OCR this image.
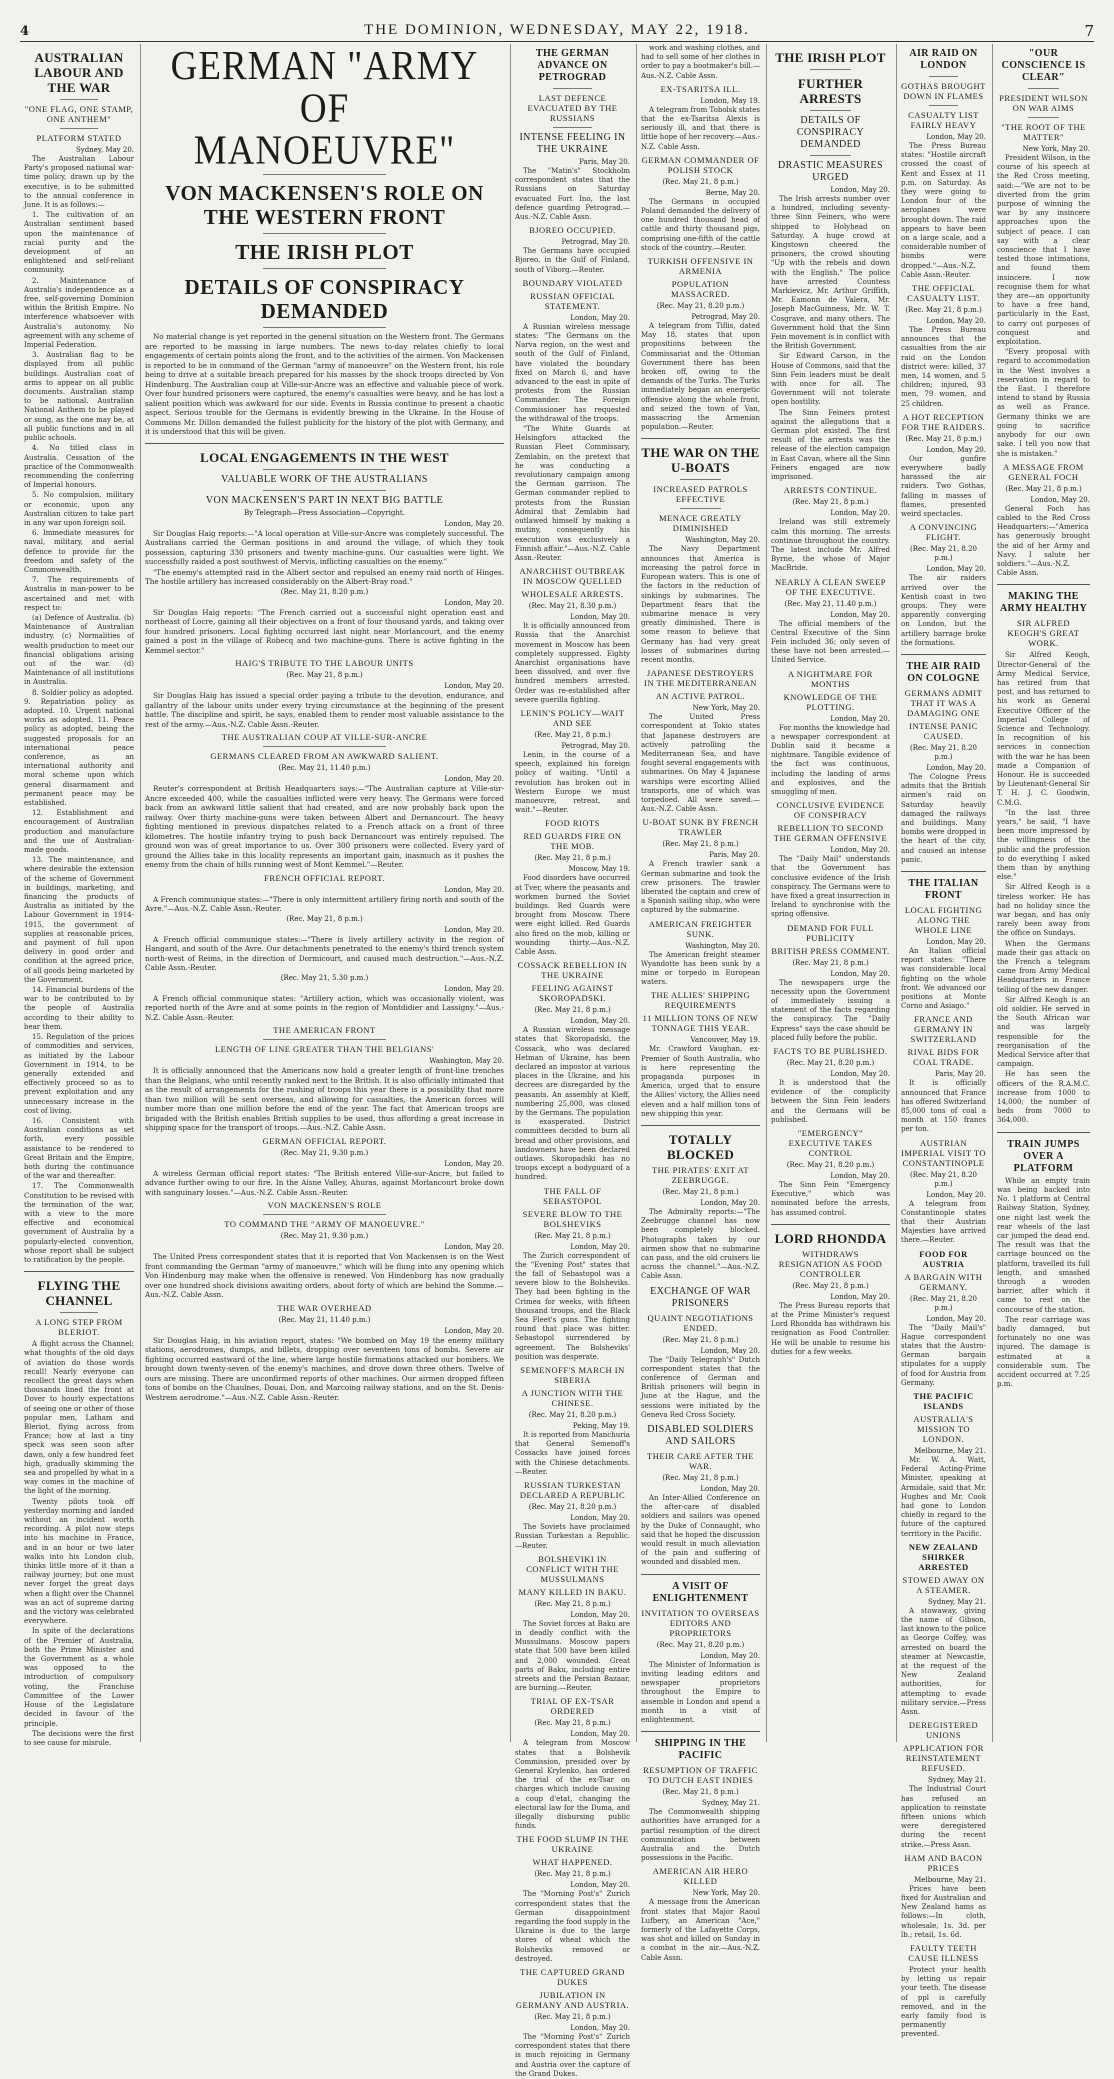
4	THE DOMINION, WEDNESDAY, MAY 22, 1918.	7
AUSTRALIAN LABOUR AND THE WAR
"ONE FLAG, ONE STAMP, ONE ANTHEM"
PLATFORM STATED
Sydney, May 20.

The Australian Labour Party's proposed national war-time policy, drawn up by the executive, is to be submitted to the annual conference in June. It is as follows:—

1. The cultivation of an Australian sentiment based upon the maintenance of racial purity and the development of an enlightened and self-reliant community.

2. Maintenance of Australia's independence as a free, self-governing Dominion within the British Empire. No interference whatsoever with Australia's autonomy. No agreement with any scheme of Imperial Federation.

3. Australian flag to be displayed from all public buildings. Australian coat of arms to appear on all public documents. Australian stamp to be national. Australian National Anthem to be played or sung, as the one may be, at all public functions and in all public schools.

4. No titled class in Australia. Cessation of the practice of the Commonwealth recommending the conferring of Imperial honours.

5. No compulsion, military or economic, upon any Australian citizen to take part in any war upon foreign soil.

6. Immediate measures for naval, military, and aerial defence to provide for the freedom and safety of the Commonwealth.

7. The requirements of Australia in man-power to be ascertained and met with respect to:

(a) Defence of Australia. (b) Maintenance of Australian industry. (c) Normalities of wealth production to meet our financial obligations arising out of the war. (d) Maintenance of all institutions in Australia.

8. Soldier policy as adopted. 9. Repatriation policy as adopted. 10. Urgent national works as adopted. 11. Peace policy as adopted, being the suggested proposals for an international peace conference, as an international authority and moral scheme upon which general disarmament and permanent peace may be established.

12. Establishment and encouragement of Australian production and manufacture and the use of Australian-made goods.

13. The maintenance, and where desirable the extension of the scheme of Government in buildings, marketing, and financing the products of Australia as initiated by the Labour Government in 1914-1915, the government of supplies at reasonable prices, and payment of full upon delivery in good order and condition at the agreed price, of all goods being marketed by the Government.

14. Financial burdens of the war to be contributed to by the people of Australia according to their ability to bear them.

15. Regulation of the prices of commodities and services, as initiated by the Labour Government in 1914, to be generally extended and effectively proceed so as to prevent exploitation and any unnecessary increase in the cost of living.

16. Consistent with Australian conditions as set forth, every possible assistance to be rendered to Great Britain and the Empire, both during the continuance of the war and thereafter.

17. The Commonwealth Constitution to be revised with the termination of the war, with a view to the more effective and economical government of Australia by a popularly-elected convention, whose report shall be subject to ratification by the people.

FLYING THE CHANNEL
A LONG STEP FROM BLERIOT.

A flight across the Channel: what thoughts of the old days of aviation do those words recall! Nearly everyone can recollect the great days when thousands lined the front at Dover to hourly expectations of seeing one or other of those popular men, Latham and Bleriot, flying across from France; how at last a tiny speck was seen soon after dawn, only a few hundred feet high, gradually skimming the sea and propelled by what in a way comes in the machine of the light of the morning.

Twenty pilots took off yesterday morning and landed without an incident worth recording. A pilot now steps into his machine in France, and in an hour or two later walks into his London club, thinks little more of it than a railway journey; but one must never forget the great days when a flight over the Channel was an act of supreme daring and the victory was celebrated everywhere.

In spite of the declarations of the Premier of Australia, both the Prime Minister and the Government as a whole was opposed to the introduction of compulsory voting, the Franchise Committee of the Lower House of the Legislature decided in favour of the principle.

The decisions were the first to see cause for misrule.

GERMAN "ARMY OF
MANOEUVRE"
VON MACKENSEN'S ROLE ON THE WESTERN FRONT
THE IRISH PLOT
DETAILS OF CONSPIRACY DEMANDED

No material change is yet reported in the general situation on the Western front. The Germans are reported to be massing in large numbers. The news to-day relates chiefly to local engagements of certain points along the front, and to the activities of the airmen. Von Mackensen is reported to be in command of the German "army of manoeuvre" on the Western front, his role being to drive at a suitable breach prepared for his masses by the shock troops directed by Von Hindenburg. The Australian coup at Ville-sur-Ancre was an effective and valuable piece of work. Over four hundred prisoners were captured, the enemy's casualties were heavy, and he has lost a salient position which was awkward for our side. Events in Russia continue to present a chaotic aspect. Serious trouble for the Germans is evidently brewing in the Ukraine. In the House of Commons Mr. Dillon demanded the fullest publicity for the history of the plot with Germany, and it is understood that this will be given.

LOCAL ENGAGEMENTS IN THE WEST
VALUABLE WORK OF THE AUSTRALIANS
VON MACKENSEN'S PART IN NEXT BIG BATTLE
By Telegraph—Press Association—Copyright.
London, May 20.

Sir Douglas Haig reports:—"A local operation at Ville-sur-Ancre was completely successful. The Australians carried the German positions in and around the village, of which they took possession, capturing 330 prisoners and twenty machine-guns. Our casualties were light. We successfully raided a post southwest of Mervis, inflicting casualties on the enemy."

"The enemy's attempted raid in the Albert sector and repulsed an enemy raid north of Hinges. The hostile artillery has increased considerably on the Albert-Bray road."

(Rec. May 21, 8.20 p.m.)
London, May 20.

Sir Douglas Haig reports: "The French carried out a successful night operation east and northeast of Locre, gaining all their objectives on a front of four thousand yards, and taking over four hundred prisoners. Local fighting occurred last night near Morlancourt, and the enemy gained a post in the village of Robecq and two machine-guns. There is active fighting in the Kemmel sector."

HAIG'S TRIBUTE TO THE LABOUR UNITS
(Rec. May 21, 8 p.m.)
London, May 20.

Sir Douglas Haig has issued a special order paying a tribute to the devotion, endurance, and gallantry of the labour units under every trying circumstance at the beginning of the present battle. The discipline and spirit, he says, enabled them to render most valuable assistance to the rest of the army.—Aus.-N.Z. Cable Assn.-Reuter.

THE AUSTRALIAN COUP AT VILLE-SUR-ANCRE
GERMANS CLEARED FROM AN AWKWARD SALIENT.
(Rec. May 21, 11.40 p.m.)
London, May 20.

Reuter's correspondent at British Headquarters says:—"The Australian capture at Ville-sur-Ancre exceeded 400, while the casualties inflicted were very heavy. The Germans were forced back from an awkward little salient that had created, and are now probably back upon the railway. Over thirty machine-guns were taken between Albert and Dernancourt. The heavy fighting mentioned in previous dispatches related to a French attack on a front of three kilometres. The hostile infantry trying to push back Dernancourt was entirely repulsed. The ground won was of great importance to us. Over 300 prisoners were collected. Every yard of ground the Allies take in this locality represents an important gain, inasmuch as it pushes the enemy from the chain of hills running west of Mont Kemmel."—Reuter.

FRENCH OFFICIAL REPORT.
London, May 20.

A French communique states:—"There is only intermittent artillery firing north and south of the Avre."—Aus.-N.Z. Cable Assn.-Reuter.

(Rec. May 21, 8 p.m.)
London, May 20.

A French official communique states:—"There is lively artillery activity in the region of Hangard, and south of the Avre. Our detachments penetrated to the enemy's third trench system north-west of Reims, in the direction of Dormicourt, and caused much destruction."—Aus.-N.Z. Cable Assn.-Reuter.

(Rec. May 21, 5.30 p.m.)
London, May 20.

A French official communique states: "Artillery action, which was occasionally violent, was reported north of the Avre and at some points in the region of Montdidier and Lassigny."—Aus.-N.Z. Cable Assn.-Reuter.

THE AMERICAN FRONT
LENGTH OF LINE GREATER THAN THE BELGIANS'
Washington, May 20.

It is officially announced that the Americans now hold a greater length of front-line trenches than the Belgians, who until recently ranked next to the British. It is also officially intimated that as the result of arrangements for the rushing of troops this year there is a possibility that more than two million will be sent overseas, and allowing for casualties, the American forces will number more than one million before the end of the year. The fact that American troops are brigaded with the British enables British supplies to be used, thus affording a great increase in shipping space for the transport of troops.—Aus.-N.Z. Cable Assn.

GERMAN OFFICIAL REPORT.
(Rec. May 21, 9.30 p.m.)
London, May 20.

A wireless German official report states: "The British entered Ville-sur-Ancre, but failed to advance further owing to our fire. In the Aisne Valley, Ahuras, against Morlancourt broke down with sanguinary losses."—Aus.-N.Z. Cable Assn.-Reuter.

VON MACKENSEN'S ROLE
TO COMMAND THE "ARMY OF MANOEUVRE."
(Rec. May 21, 9.30 p.m.)
London, May 20.

The United Press correspondent states that it is reported that Von Mackensen is on the West front commanding the German "army of manoeuvre," which will be flung into any opening which Von Hindenburg may make when the offensive is renewed. Von Hindenburg has now gradually over one hundred shock divisions awaiting orders, about forty of which are behind the Somme.—Aus.-N.Z. Cable Assn.

THE WAR OVERHEAD
(Rec. May 21, 11.40 p.m.)
London, May 20.

Sir Douglas Haig, in his aviation report, states: "We bombed on May 19 the enemy military stations, aerodromes, dumps, and billets, dropping over seventeen tons of bombs. Severe air fighting occurred eastward of the line, where large hostile formations attacked our bombers. We brought down twenty-seven of the enemy's machines, and drove down three others. Twelve of ours are missing. There are unconfirmed reports of other machines. Our airmen dropped fifteen tons of bombs on the Chaulnes, Douai, Don, and Marcoing railway stations, and on the St. Denis-Westrem aerodrome."—Aus.-N.Z. Cable Assn.-Reuter.

THE GERMAN ADVANCE ON PETROGRAD
LAST DEFENCE EVACUATED BY THE RUSSIANS
INTENSE FEELING IN THE UKRAINE
Paris, May 20.

The "Matin's" Stockholm correspondent states that the Russians on Saturday evacuated Fort Ino, the last defence guarding Petrograd.—Aus.-N.Z. Cable Assn.

BJOREO OCCUPIED.
Petrograd, May 20.

The Germans have occupied Bjoreo, in the Gulf of Finland, south of Viborg.—Reuter.

BOUNDARY VIOLATED
RUSSIAN OFFICIAL STATEMENT.
London, May 20.

A Russian wireless message states: "The Germans on the Narva region, on the west and south of the Gulf of Finland, have violated the boundary fixed on March 6, and have advanced to the east in spite of protests from the Russian Commander. The Foreign Commissioner has requested the withdrawal of the troops.

"The White Guards at Helsingfors attacked the Russian Fleet Commissary, Zemlabin, on the pretext that he was conducting a revolutionary campaign among the German garrison. The German commander replied to protests from the Russian Admiral that Zemlabin had outlawed himself by making a mutiny, consequently his execution was exclusively a Finnish affair."—Aus.-N.Z. Cable Assn.-Reuter.

ANARCHIST OUTBREAK IN MOSCOW QUELLED
WHOLESALE ARRESTS.
(Rec. May 21, 8.30 p.m.)
London, May 20.

It is officially announced from Russia that the Anarchist movement in Moscow has been completely suppressed. Eighty Anarchist organisations have been dissolved, and over five hundred members arrested. Order was re-established after severe guerilla fighting.

LENIN'S POLICY—WAIT AND SEE
(Rec. May 21, 8 p.m.)
Petrograd, May 20.

Lenin, in the course of a speech, explained his foreign policy of waiting. "Until a revolution has broken out in Western Europe we must manoeuvre, retreat, and wait."—Reuter.

FOOD RIOTS
RED GUARDS FIRE ON THE MOB.
(Rec. May 21, 8 p.m.)
Moscow, May 19.

Food disorders have occurred at Tver, where the peasants and workmen burned the Soviet buildings. Red Guards were brought from Moscow. There were eight killed. Red Guards also fired on the mob, killing or wounding thirty.—Aus.-N.Z. Cable Assn.

COSSACK REBELLION IN THE UKRAINE
FEELING AGAINST SKOROPADSKI.
(Rec. May 21, 8 p.m.)
London, May 20.

A Russian wireless message states that Skoropadski, the Cossack, who was declared Hetman of Ukraine, has been declared an impostor at various places in the Ukraine, and his decrees are disregarded by the peasants. An assembly at Kieff, numbering 25,000, was closed by the Germans. The population is exasperated. District committees decided to burn all bread and other provisions, and landowners have been declared outlaws. Skoropadski has no troops except a bodyguard of a hundred.

THE FALL OF SEBASTOPOL
SEVERE BLOW TO THE BOLSHEVIKS
(Rec. May 21, 8 p.m.)
London, May 20.

The Zurich correspondent of the "Evening Post" states that the fall of Sebastopol was a severe blow to the Bolsheviks. They had been fighting in the Crimea for weeks, with fifteen thousand troops, and the Black Sea Fleet's guns. The fighting round that place was bitter. Sebastopol surrendered by agreement. The Bolsheviks' position was desperate.

SEMENOFF'S MARCH IN SIBERIA
A JUNCTION WITH THE CHINESE.
(Rec. May 21, 8.20 p.m.)
Peking, May 19.

It is reported from Manchuria that General Semenoff's Cossacks have joined forces with the Chinese detachments.—Reuter.

RUSSIAN TURKESTAN DECLARED A REPUBLIC
(Rec. May 21, 8.20 p.m.)
London, May 20.

The Soviets have proclaimed Russian Turkestan a Republic.—Reuter.

BOLSHEVIKI IN CONFLICT WITH THE MUSSULMANS
MANY KILLED IN BAKU.
(Rec. May 21, 8 p.m.)
London, May 20.

The Soviet forces at Baku are in deadly conflict with the Mussulmans. Moscow papers state that 500 have been killed and 2,000 wounded. Great parts of Baku, including entire streets and the Persian Bazaar, are burning.—Reuter.

TRIAL OF EX-TSAR ORDERED
(Rec. May 21, 8 p.m.)
London, May 20.

A telegram from Moscow states that a Bolshevik Commission, presided over by General Krylenko, has ordered the trial of the ex-Tsar on charges which include causing a coup d'etat, changing the electoral law for the Duma, and illegally disbursing public funds.

THE FOOD SLUMP IN THE UKRAINE
WHAT HAPPENED.
(Rec. May 21, 8 p.m.)
London, May 20.

The "Morning Post's" Zurich correspondent states that the German disappointment regarding the food supply in the Ukraine is due to the large stores of wheat which the Bolsheviks removed or destroyed.

THE CAPTURED GRAND DUKES
JUBILATION IN GERMANY AND AUSTRIA.
(Rec. May 21, 8 p.m.)
London, May 20.

The "Morning Post's" Zurich correspondent states that there is much rejoicing in Germany and Austria over the capture of the Grand Dukes.

work and washing clothes, and had to sell some of her clothes in order to pay a bootmaker's bill.—Aus.-N.Z. Cable Assn.

EX-TSARITSA ILL.
London, May 19.

A telegram from Tobolsk states that the ex-Tsaritsa Alexis is seriously ill, and that there is little hope of her recovery.—Aus.-N.Z. Cable Assn.

GERMAN COMMANDER OF POLISH STOCK
(Rec. May 21, 8 p.m.)
Berne, May 20.

The Germans in occupied Poland demanded the delivery of one hundred thousand head of cattle and thirty thousand pigs, comprising one-fifth of the cattle stock of the country.—Reuter.

TURKISH OFFENSIVE IN ARMENIA
POPULATION MASSACRED.
(Rec. May 21, 8.20 p.m.)
Petrograd, May 20.

A telegram from Tiflis, dated May 18, states that upon propositions between the Commissariat and the Ottoman Government there has been broken off, owing to the demands of the Turks. The Turks immediately began an energetic offensive along the whole front, and seized the town of Van, massacring the Armenian population.—Reuter.

THE WAR ON THE U-BOATS
INCREASED PATROLS EFFECTIVE
MENACE GREATLY DIMINISHED
Washington, May 20.

The Navy Department announces that America is increasing the patrol force in European waters. This is one of the factors in the reduction of sinkings by submarines. The Department fears that the submarine menace is very greatly diminished. There is some reason to believe that Germany has had very great losses of submarines during recent months.

JAPANESE DESTROYERS IN THE MEDITERRANEAN
AN ACTIVE PATROL.
New York, May 20.

The United Press correspondent at Tokio states that Japanese destroyers are actively patrolling the Mediterranean Sea, and have fought several engagements with submarines. On May 4 Japanese warships were escorting Allied transports, one of which was torpedoed. All were saved.—Aus.-N.Z. Cable Assn.

U-BOAT SUNK BY FRENCH TRAWLER
(Rec. May 21, 8 p.m.)
Paris, May 20.

A French trawler sank a German submarine and took the crew prisoners. The trawler liberated the captain and crew of a Spanish sailing ship, who were captured by the submarine.

AMERICAN FREIGHTER SUNK.
Washington, May 20.

The American freight steamer Wyandotte has been sunk by a mine or torpedo in European waters.

THE ALLIES' SHIPPING REQUIREMENTS
11 MILLION TONS OF NEW TONNAGE THIS YEAR.
Vancouver, May 19.

Mr. Crawford Vaughan, ex-Premier of South Australia, who is here representing the propaganda purposes in America, urged that to ensure the Allies' victory, the Allies need eleven and a half million tons of new shipping this year.

TOTALLY BLOCKED
THE PIRATES' EXIT AT ZEEBRUGGE.
(Rec. May 21, 8 p.m.)
London, May 20.

The Admiralty reports:—"The Zeebrugge channel has now been completely blocked. Photographs taken by our airmen show that no submarine can pass, and the old cruisers lie across the channel."—Aus.-N.Z. Cable Assn.

EXCHANGE OF WAR PRISONERS
QUAINT NEGOTIATIONS ENDED.
(Rec. May 21, 8 p.m.)
London, May 20.

The "Daily Telegraph's" Dutch correspondent states that the conference of German and British prisoners will begin in June at the Hague, and the sessions were initiated by the Geneva Red Cross Society.

DISABLED SOLDIERS AND SAILORS
THEIR CARE AFTER THE WAR.
(Rec. May 21, 8 p.m.)
London, May 20.

An Inter-Allied Conference on the after-care of disabled soldiers and sailors was opened by the Duke of Connaught, who said that he hoped the discussion would result in much alleviation of the pain and suffering of wounded and disabled men.

A VISIT OF ENLIGHTENMENT
INVITATION TO OVERSEAS EDITORS AND PROPRIETORS
(Rec. May 21, 8.20 p.m.)
London, May 20.

The Minister of Information is inviting leading editors and newspaper proprietors throughout the Empire to assemble in London and spend a month in a visit of enlightenment.

SHIPPING IN THE PACIFIC
RESUMPTION OF TRAFFIC TO DUTCH EAST INDIES
(Rec. May 21, 8 p.m.)
Sydney, May 21.

The Commonwealth shipping authorities have arranged for a partial resumption of the direct communication between Australia and the Dutch possessions in the Pacific.

AMERICAN AIR HERO KILLED
New York, May 20.

A message from the American front states that Major Raoul Lufbery, an American "Ace," formerly of the Lafayette Corps, was shot and killed on Sunday in a combat in the air.—Aus.-N.Z. Cable Assn.

THE IRISH PLOT
FURTHER ARRESTS
DETAILS OF CONSPIRACY DEMANDED
DRASTIC MEASURES URGED
London, May 20.

The Irish arrests number over a hundred, including seventy-three Sinn Feiners, who were shipped to Holyhead on Saturday. A huge crowd at Kingstown cheered the prisoners, the crowd shouting "Up with the rebels and down with the English." The police have arrested Countess Markievicz, Mr. Arthur Griffith, Mr. Eamonn de Valera, Mr. Joseph MacGuinness, Mr. W. T. Cosgrave, and many others. The Government hold that the Sinn Fein movement is in conflict with the British Government.

Sir Edward Carson, in the House of Commons, said that the Sinn Fein leaders must be dealt with once for all. The Government will not tolerate open hostility.

The Sinn Feiners protest against the allegations that a German plot existed. The first result of the arrests was the release of the election campaign in East Cavan, where all the Sinn Feiners engaged are now imprisoned.

ARRESTS CONTINUE.
(Rec. May 21, 8 p.m.)
London, May 20.

Ireland was still extremely calm this morning. The arrests continue throughout the country. The latest include Mr. Alfred Byrne, the whose of Major MacBride.

NEARLY A CLEAN SWEEP OF THE EXECUTIVE.
(Rec. May 21, 11.40 p.m.)
London, May 20.

The official members of the Central Executive of the Sinn Fein included 36; only seven of these have not been arrested.—United Service.

A NIGHTMARE FOR MONTHS
KNOWLEDGE OF THE PLOTTING.
London, May 20.

For months the knowledge had a newspaper correspondent at Dublin said it became a nightmare. Tangible evidence of the fact was continuous, including the landing of arms and explosives, and the smuggling of men.

CONCLUSIVE EVIDENCE OF CONSPIRACY
REBELLION TO SECOND THE GERMAN OFFENSIVE
London, May 20.

The "Daily Mail" understands that the Government has conclusive evidence of the Irish conspiracy. The Germans were to have fixed a great insurrection in Ireland to synchronise with the spring offensive.

DEMAND FOR FULL PUBLICITY
BRITISH PRESS COMMENT.
(Rec. May 21, 8 p.m.)
London, May 20.

The newspapers urge the necessity upon the Government of immediately issuing a statement of the facts regarding the conspiracy. The "Daily Express" says the case should be placed fully before the public.

FACTS TO BE PUBLISHED.
(Rec. May 21, 8.20 p.m.)
London, May 20.

It is understood that the evidence of the complicity between the Sinn Fein leaders and the Germans will be published.

"EMERGENCY" EXECUTIVE TAKES CONTROL
(Rec. May 21, 8.20 p.m.)
London, May 20.

The Sinn Fein "Emergency Executive," which was nominated before the arrests, has assumed control.

LORD RHONDDA
WITHDRAWS RESIGNATION AS FOOD CONTROLLER
(Rec. May 21, 8 p.m.)
London, May 20.

The Press Bureau reports that at the Prime Minister's request Lord Rhondda has withdrawn his resignation as Food Controller. He will be unable to resume his duties for a few weeks.

AIR RAID ON LONDON
GOTHAS BROUGHT DOWN IN FLAMES
CASUALTY LIST FAIRLY HEAVY
London, May 20.

The Press Bureau states: "Hostile aircraft crossed the coast of Kent and Essex at 11 p.m. on Saturday. As they were going to London four of the aeroplanes were brought down. The raid appears to have been on a large scale, and a considerable number of bombs were dropped."—Aus.-N.Z. Cable Assn.-Reuter.

THE OFFICIAL CASUALTY LIST.
(Rec. May 21, 8 p.m.)
London, May 20.

The Press Bureau announces that the casualties from the air raid on the London district were: killed, 37 men, 14 women, and 5 children; injured, 93 men, 79 women, and 25 children.

A HOT RECEPTION FOR THE RAIDERS.
(Rec. May 21, 8 p.m.)
London, May 20.

Our gunfire everywhere badly harassed the air raiders. Two Gothas, falling in masses of flames, presented weird spectacles.

A CONVINCING FLIGHT.
(Rec. May 21, 8.20 p.m.)
London, May 20.

The air raiders arrived over the Kentish coast in two groups. They were apparently converging on London, but the artillery barrage broke the formations.

THE AIR RAID ON COLOGNE
GERMANS ADMIT THAT IT WAS A DAMAGING ONE
INTENSE PANIC CAUSED.
(Rec. May 21, 8.20 p.m.)
London, May 20.

The Cologne Press admits that the British airmen's raid on Saturday heavily damaged the railways and buildings. Many bombs were dropped in the heart of the city, and caused an intense panic.

THE ITALIAN FRONT
LOCAL FIGHTING ALONG THE WHOLE LINE
London, May 20.

An Italian official report states: "There was considerable local fighting on the whole front. We advanced our positions at Monte Corno and Asiago."

FRANCE AND GERMANY IN SWITZERLAND
RIVAL BIDS FOR COAL TRADE.
Paris, May 20.

It is officially announced that France has offered Switzerland 85,000 tons of coal a month at 150 francs per ton.

AUSTRIAN IMPERIAL VISIT TO CONSTANTINOPLE
(Rec. May 21, 8.20 p.m.)
London, May 20.

A telegram from Constantinople states that their Austrian Majesties have arrived there.—Reuter.

FOOD FOR AUSTRIA
A BARGAIN WITH GERMANY.
(Rec. May 21, 8.20 p.m.)
London, May 20.

The "Daily Mail's" Hague correspondent states that the Austro-German bargain stipulates for a supply of food for Austria from Germany.

THE PACIFIC ISLANDS
AUSTRALIA'S MISSION TO LONDON.
Melbourne, May 21.

Mr. W. A. Watt, Federal Acting-Prime Minister, speaking at Armidale, said that Mr. Hughes and Mr. Cook had gone to London chiefly in regard to the future of the captured territory in the Pacific.

NEW ZEALAND SHIRKER ARRESTED
STOWED AWAY ON A STEAMER.
Sydney, May 21.

A stowaway, giving the name of Gibson, last known to the police as George Coffey, was arrested on board the steamer at Newcastle, at the request of the New Zealand authorities, for attempting to evade military service.—Press Assn.

DEREGISTERED UNIONS
APPLICATION FOR REINSTATEMENT REFUSED.
Sydney, May 21.

The Industrial Court has refused an application to reinstate fifteen unions which were deregistered during the recent strike.—Press Assn.

HAM AND BACON PRICES
Melbourne, May 21.

Prices have been fixed for Australian and New Zealand hams as follows:—In cloth, wholesale, 1s. 3d. per lb.; retail, 1s. 6d.

FAULTY TEETH CAUSE ILLNESS

Protect your health by letting us repair your teeth. The disease of ppl is carefully removed, and in the early family food is permanently prevented.

"OUR CONSCIENCE IS CLEAR"
PRESIDENT WILSON ON WAR AIMS
"THE ROOT OF THE MATTER"
New York, May 20.

President Wilson, in the course of his speech at the Red Cross meeting, said:—"We are not to be diverted from the grim purpose of winning the war by any insincere approaches upon the subject of peace. I can say with a clear conscience that I have tested those intimations, and found them insincere. I now recognise them for what they are—an opportunity to have a free hand, particularly in the East, to carry out purposes of conquest and exploitation.

"Every proposal with regard to accommodation in the West involves a reservation in regard to the East. I therefore intend to stand by Russia as well as France. Germany thinks we are going to sacrifice anybody for our own sake. I tell you now that she is mistaken."

A MESSAGE FROM GENERAL FOCH
(Rec. May 21, 8 p.m.)
London, May 20.

General Foch has cabled to the Red Cross Headquarters:—"America has generously brought the aid of her Army and Navy. I salute her soldiers."—Aus.-N.Z. Cable Assn.

MAKING THE ARMY HEALTHY
SIR ALFRED KEOGH'S GREAT WORK.

Sir Alfred Keogh, Director-General of the Army Medical Service, has retired from that post, and has returned to his work as General Executive Officer of the Imperial College of Science and Technology. In recognition of his services in connection with the war he has been made a Companion of Honour. He is succeeded by Lieutenant-General Sir T. H. J. C. Goodwin, C.M.G.

"In the last three years," he said, "I have been more impressed by the willingness of the public and the profession to do everything I asked them than by anything else."

Sir Alfred Keogh is a tireless worker. He has had no holiday since the war began, and has only rarely been away from the office on Sundays.

When the Germans made their gas attack on the French a telegram came from Army Medical Headquarters in France telling of the new danger.

Sir Alfred Keogh is an old soldier. He served in the South African war and was largely responsible for the reorganisation of the Medical Service after that campaign.

He has seen the officers of the R.A.M.C. increase from 1000 to 14,000; the number of beds from 7000 to 364,000.

TRAIN JUMPS OVER A PLATFORM

While an empty train was being backed into No. 1 platform at Central Railway Station, Sydney, one night last week the rear wheels of the last car jumped the dead end. The result was that the carriage bounced on the platform, travelled its full length, and smashed through a wooden barrier, after which it came to rest on the concourse of the station.

The rear carriage was badly damaged, but fortunately no one was injured. The damage is estimated at a considerable sum. The accident occurred at 7.25 p.m.
